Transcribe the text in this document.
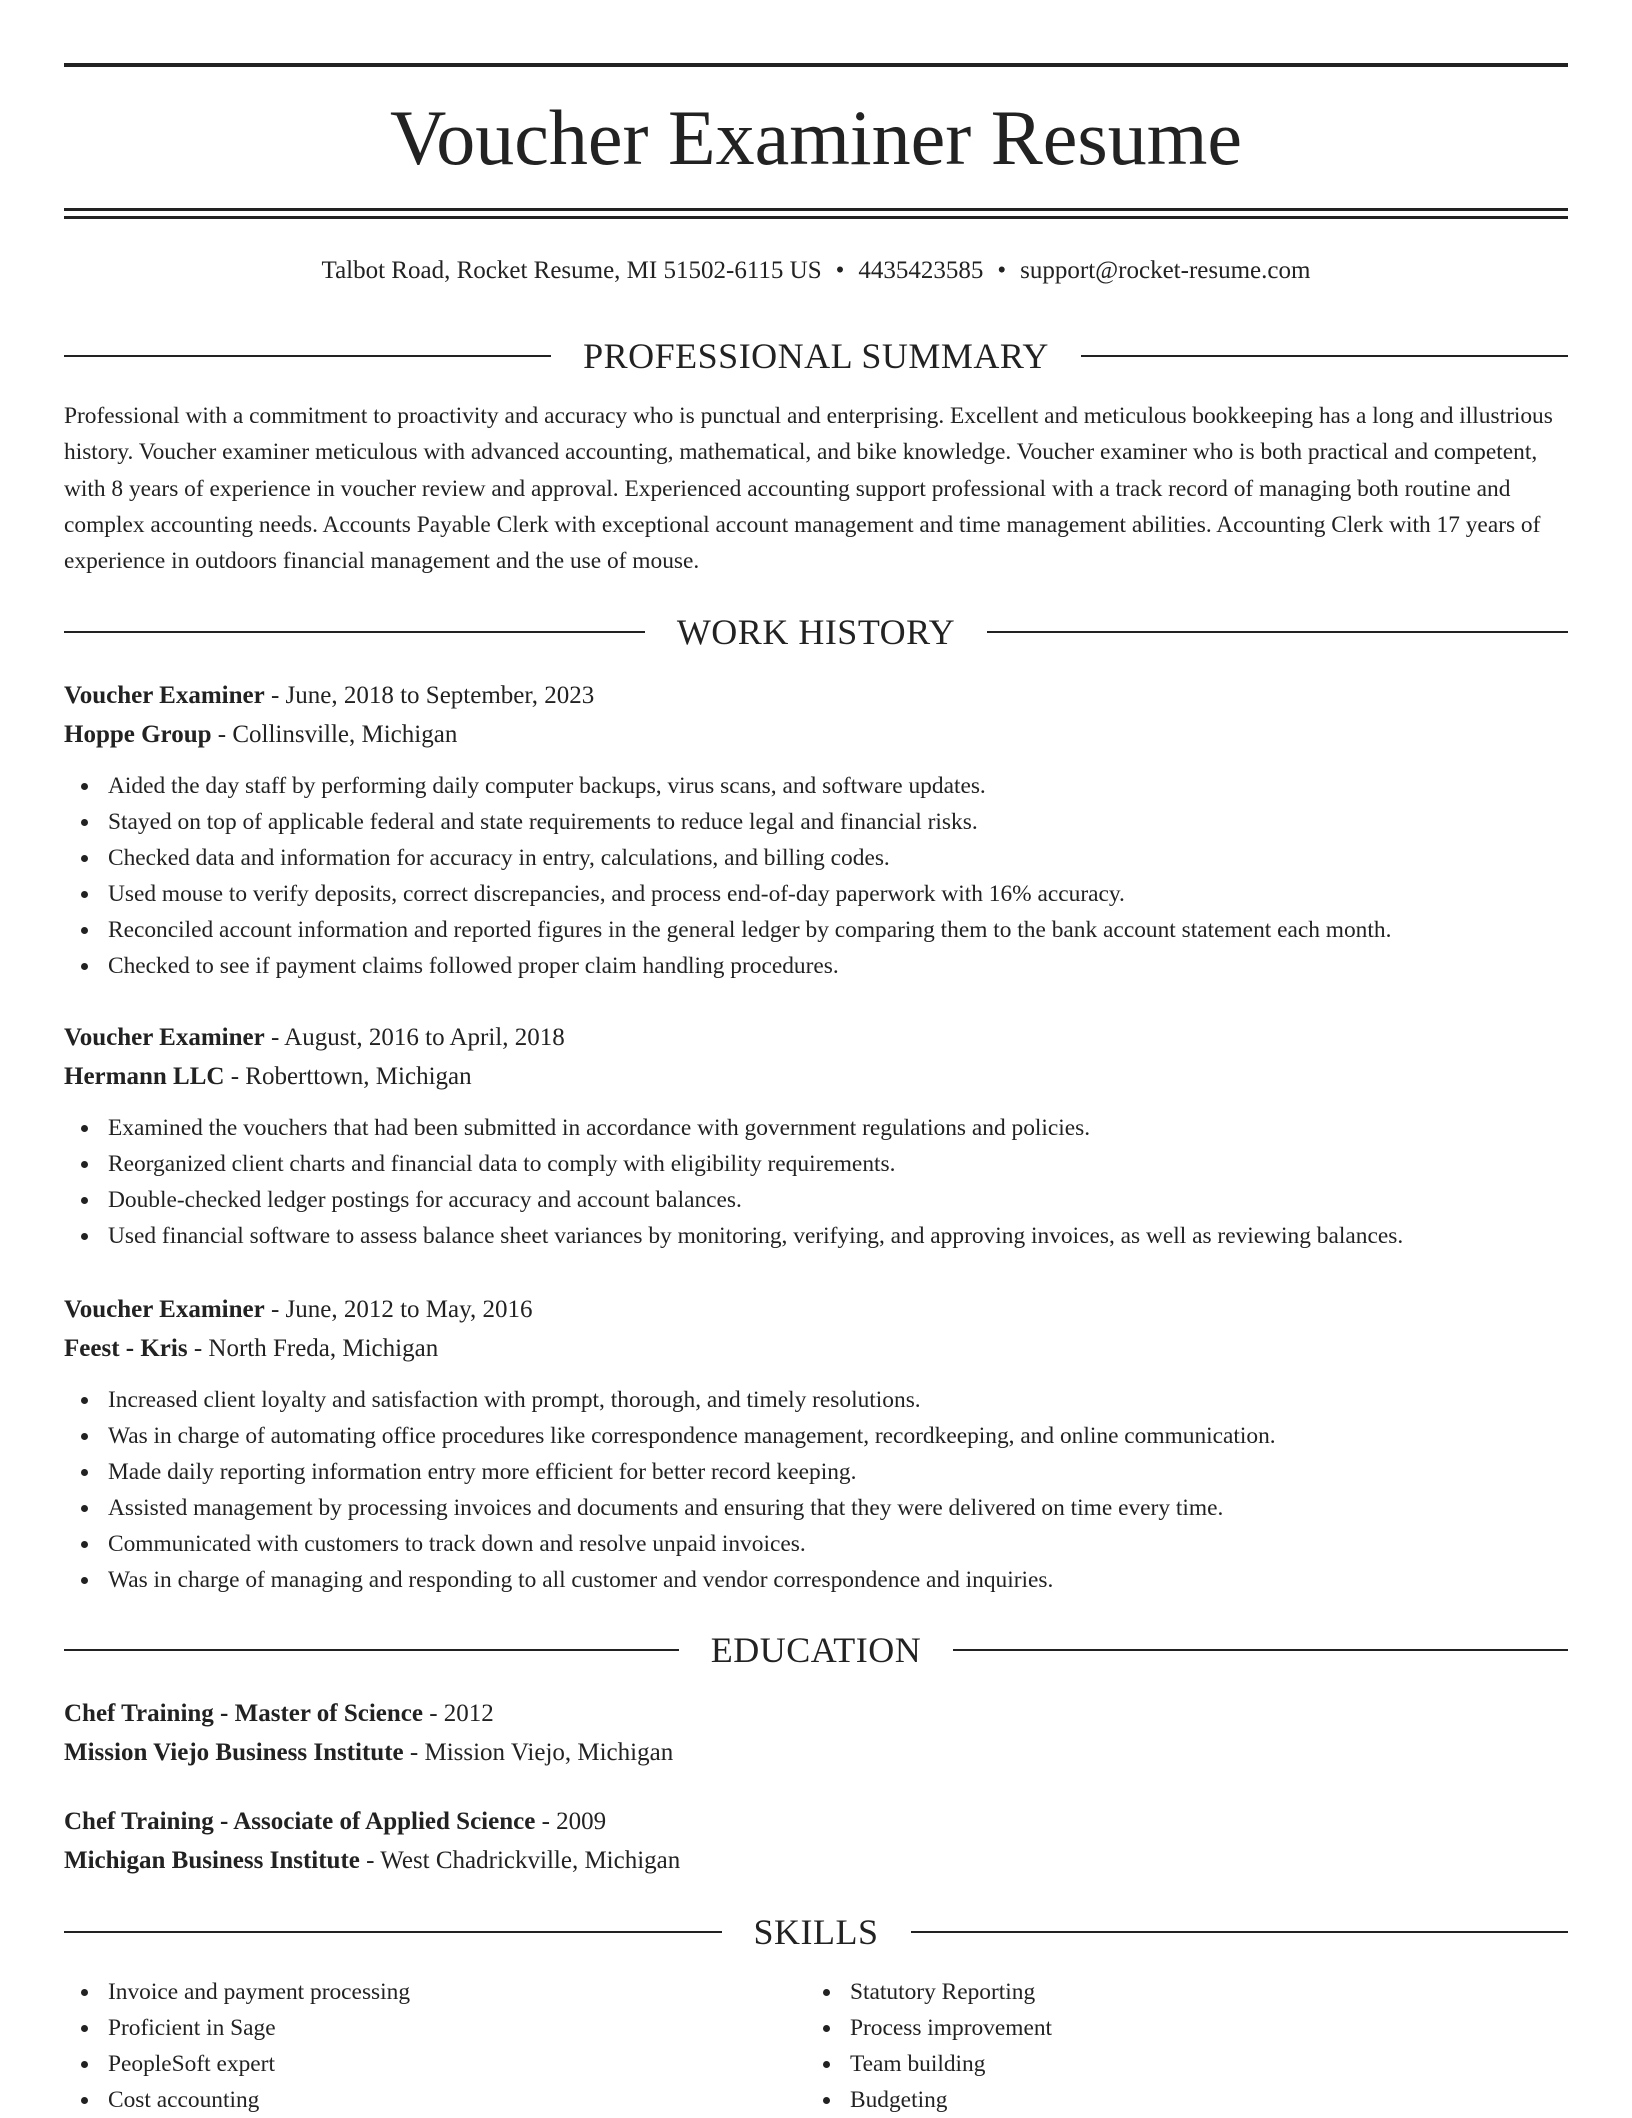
Voucher Examiner Resume
Talbot Road, Rocket Resume, MI 51502-6115 US • 4435423585 • support@rocket-resume.com
PROFESSIONAL SUMMARY

Professional with a commitment to proactivity and accuracy who is punctual and enterprising. Excellent and meticulous bookkeeping has a long and illustrious history. Voucher examiner meticulous with advanced accounting, mathematical, and bike knowledge. Voucher examiner who is both practical and competent, with 8 years of experience in voucher review and approval. Experienced accounting support professional with a track record of managing both routine and complex accounting needs. Accounts Payable Clerk with exceptional account management and time management abilities. Accounting Clerk with 17 years of experience in outdoors financial management and the use of mouse.

WORK HISTORY
Voucher Examiner - June, 2018 to September, 2023
Hoppe Group - Collinsville, Michigan
Aided the day staff by performing daily computer backups, virus scans, and software updates.
Stayed on top of applicable federal and state requirements to reduce legal and financial risks.
Checked data and information for accuracy in entry, calculations, and billing codes.
Used mouse to verify deposits, correct discrepancies, and process end-of-day paperwork with 16% accuracy.
Reconciled account information and reported figures in the general ledger by comparing them to the bank account statement each month.
Checked to see if payment claims followed proper claim handling procedures.
Voucher Examiner - August, 2016 to April, 2018
Hermann LLC - Roberttown, Michigan
Examined the vouchers that had been submitted in accordance with government regulations and policies.
Reorganized client charts and financial data to comply with eligibility requirements.
Double-checked ledger postings for accuracy and account balances.
Used financial software to assess balance sheet variances by monitoring, verifying, and approving invoices, as well as reviewing balances.
Voucher Examiner - June, 2012 to May, 2016
Feest - Kris - North Freda, Michigan
Increased client loyalty and satisfaction with prompt, thorough, and timely resolutions.
Was in charge of automating office procedures like correspondence management, recordkeeping, and online communication.
Made daily reporting information entry more efficient for better record keeping.
Assisted management by processing invoices and documents and ensuring that they were delivered on time every time.
Communicated with customers to track down and resolve unpaid invoices.
Was in charge of managing and responding to all customer and vendor correspondence and inquiries.
EDUCATION
Chef Training - Master of Science - 2012
Mission Viejo Business Institute - Mission Viejo, Michigan
Chef Training - Associate of Applied Science - 2009
Michigan Business Institute - West Chadrickville, Michigan
SKILLS
Invoice and payment processing
Proficient in Sage
PeopleSoft expert
Cost accounting
Statutory Reporting
Process improvement
Team building
Budgeting
